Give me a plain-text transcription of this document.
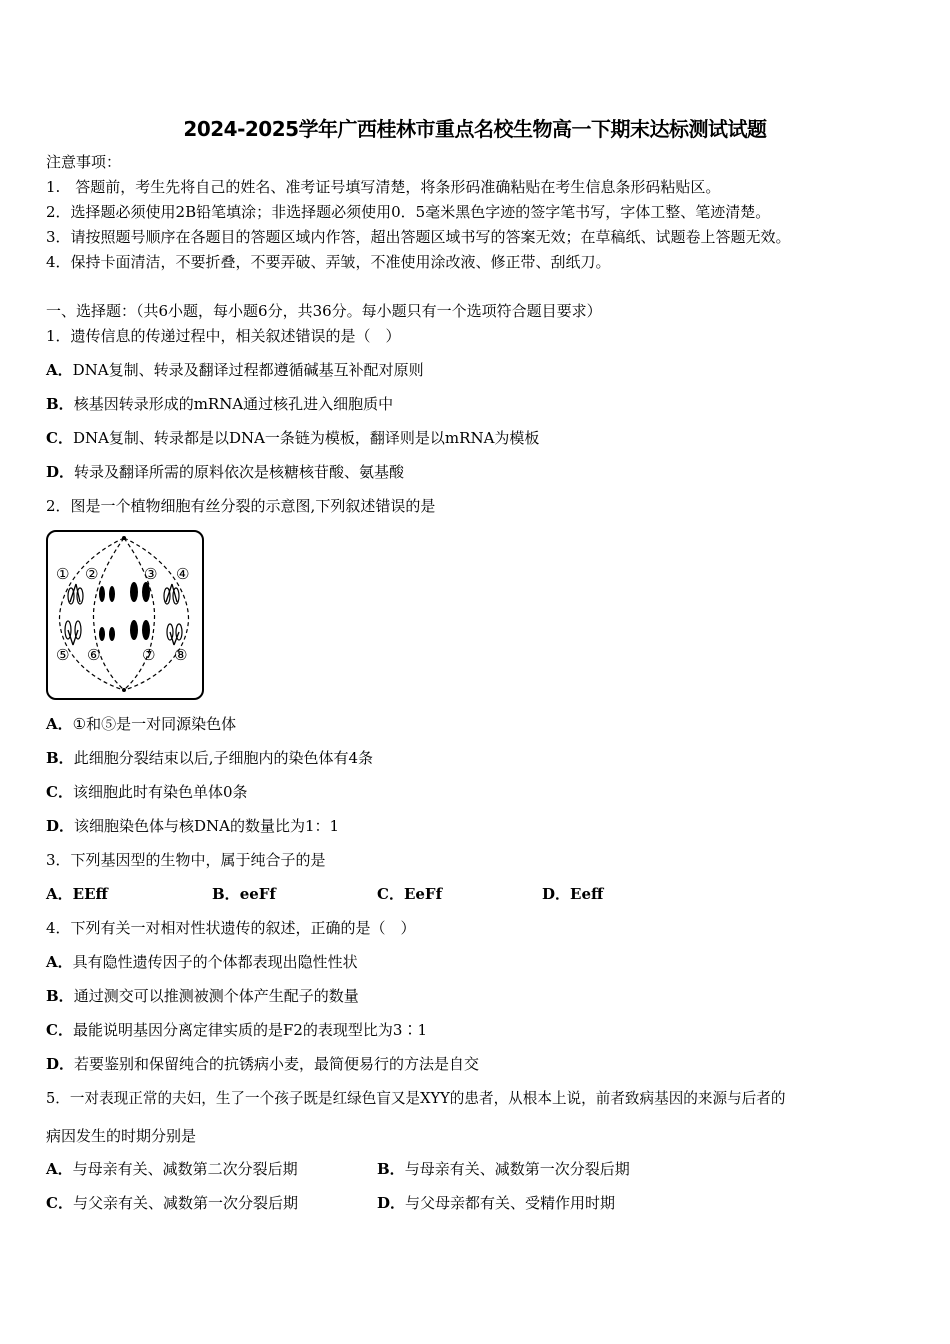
2024-2025学年广西桂林市重点名校生物高一下期末达标测试试题
注意事项：
1.　答题前，考生先将自己的姓名、准考证号填写清楚，将条形码准确粘贴在考生信息条形码粘贴区。
2．选择题必须使用2B铅笔填涂；非选择题必须使用0．5毫米黑色字迹的签字笔书写，字体工整、笔迹清楚。
3．请按照题号顺序在各题目的答题区域内作答，超出答题区域书写的答案无效；在草稿纸、试题卷上答题无效。
4．保持卡面清洁，不要折叠，不要弄破、弄皱，不准使用涂改液、修正带、刮纸刀。
一、选择题：（共6小题，每小题6分，共36分。每小题只有一个选项符合题目要求）
1．遗传信息的传递过程中，相关叙述错误的是（　）
A．DNA复制、转录及翻译过程都遵循碱基互补配对原则
B．核基因转录形成的mRNA通过核孔进入细胞质中
C．DNA复制、转录都是以DNA一条链为模板，翻译则是以mRNA为模板
D．转录及翻译所需的原料依次是核糖核苷酸、氨基酸
2．图是一个植物细胞有丝分裂的示意图,下列叙述错误的是
① ②	③ ④
⑤ ⑥	⑦ ⑧
A．①和⑤是一对同源染色体
B．此细胞分裂结束以后,子细胞内的染色体有4条
C．该细胞此时有染色单体0条
D．该细胞染色体与核DNA的数量比为1：1
3．下列基因型的生物中，属于纯合子的是
A．EEff	B．eeFf	C．EeFf	D．Eeff
4．下列有关一对相对性状遗传的叙述，正确的是（　）
A．具有隐性遗传因子的个体都表现出隐性性状
B．通过测交可以推测被测个体产生配子的数量
C．最能说明基因分离定律实质的是F2的表现型比为3∶1
D．若要鉴别和保留纯合的抗锈病小麦，最简便易行的方法是自交
5．一对表现正常的夫妇，生了一个孩子既是红绿色盲又是XYY的患者，从根本上说，前者致病基因的来源与后者的
病因发生的时期分别是
A．与母亲有关、减数第二次分裂后期	B．与母亲有关、减数第一次分裂后期
C．与父亲有关、减数第一次分裂后期	D．与父母亲都有关、受精作用时期
